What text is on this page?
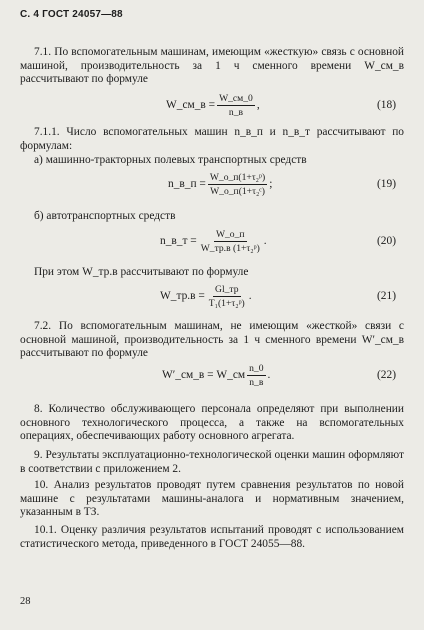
С. 4 ГОСТ 24057—88

7.1. По вспомогательным машинам, имеющим «жесткую» связь с основной машиной, производительность за 1 ч сменного времени W_см_в рассчитывают по формуле

W_см_в = $\frac{W\_см\_0}{n\_в}$ ,	(18)

7.1.1. Число вспомогательных машин n_в_п и n_в_т рассчитывают по формулам:

а) машинно-тракторных полевых транспортных средств

n_в_п = $\frac{\text{W\_о\_п(1+τ₂ᵖ)}}{\text{W\_о\_п(1+τ₂ᶜ)}}$ ;	(19)

б) автотранспортных средств

n_в_т = $\frac{W\_о\_п}{\text{W\_тр.в (1+τ₂ᵖ)}}$ .	(20)

При этом W_тр.в рассчитывают по формуле

W_тр.в = $\frac{Gl\_тр}{\text{T₁(1+τ₂ᵖ)}}$ .	(21)

7.2. По вспомогательным машинам, не имеющим «жесткой» связи с основной машиной, производительность за 1 ч сменного времени W′_см_в рассчитывают по формуле

W′_см_в = W_см $\frac{n\_0}{n\_в}$ .	(22)

8. Количество обслуживающего персонала определяют при выполнении основного технологического процесса, а также на вспомогательных операциях, обеспечивающих работу основного агрегата.

9. Результаты эксплуатационно-технологической оценки машин оформляют в соответствии с приложением 2.

10. Анализ результатов проводят путем сравнения результатов по новой машине с результатами машины-аналога и нормативным значением, указанным в ТЗ.

10.1. Оценку различия результатов испытаний проводят с использованием статистического метода, приведенного в ГОСТ 24055—88.

28
